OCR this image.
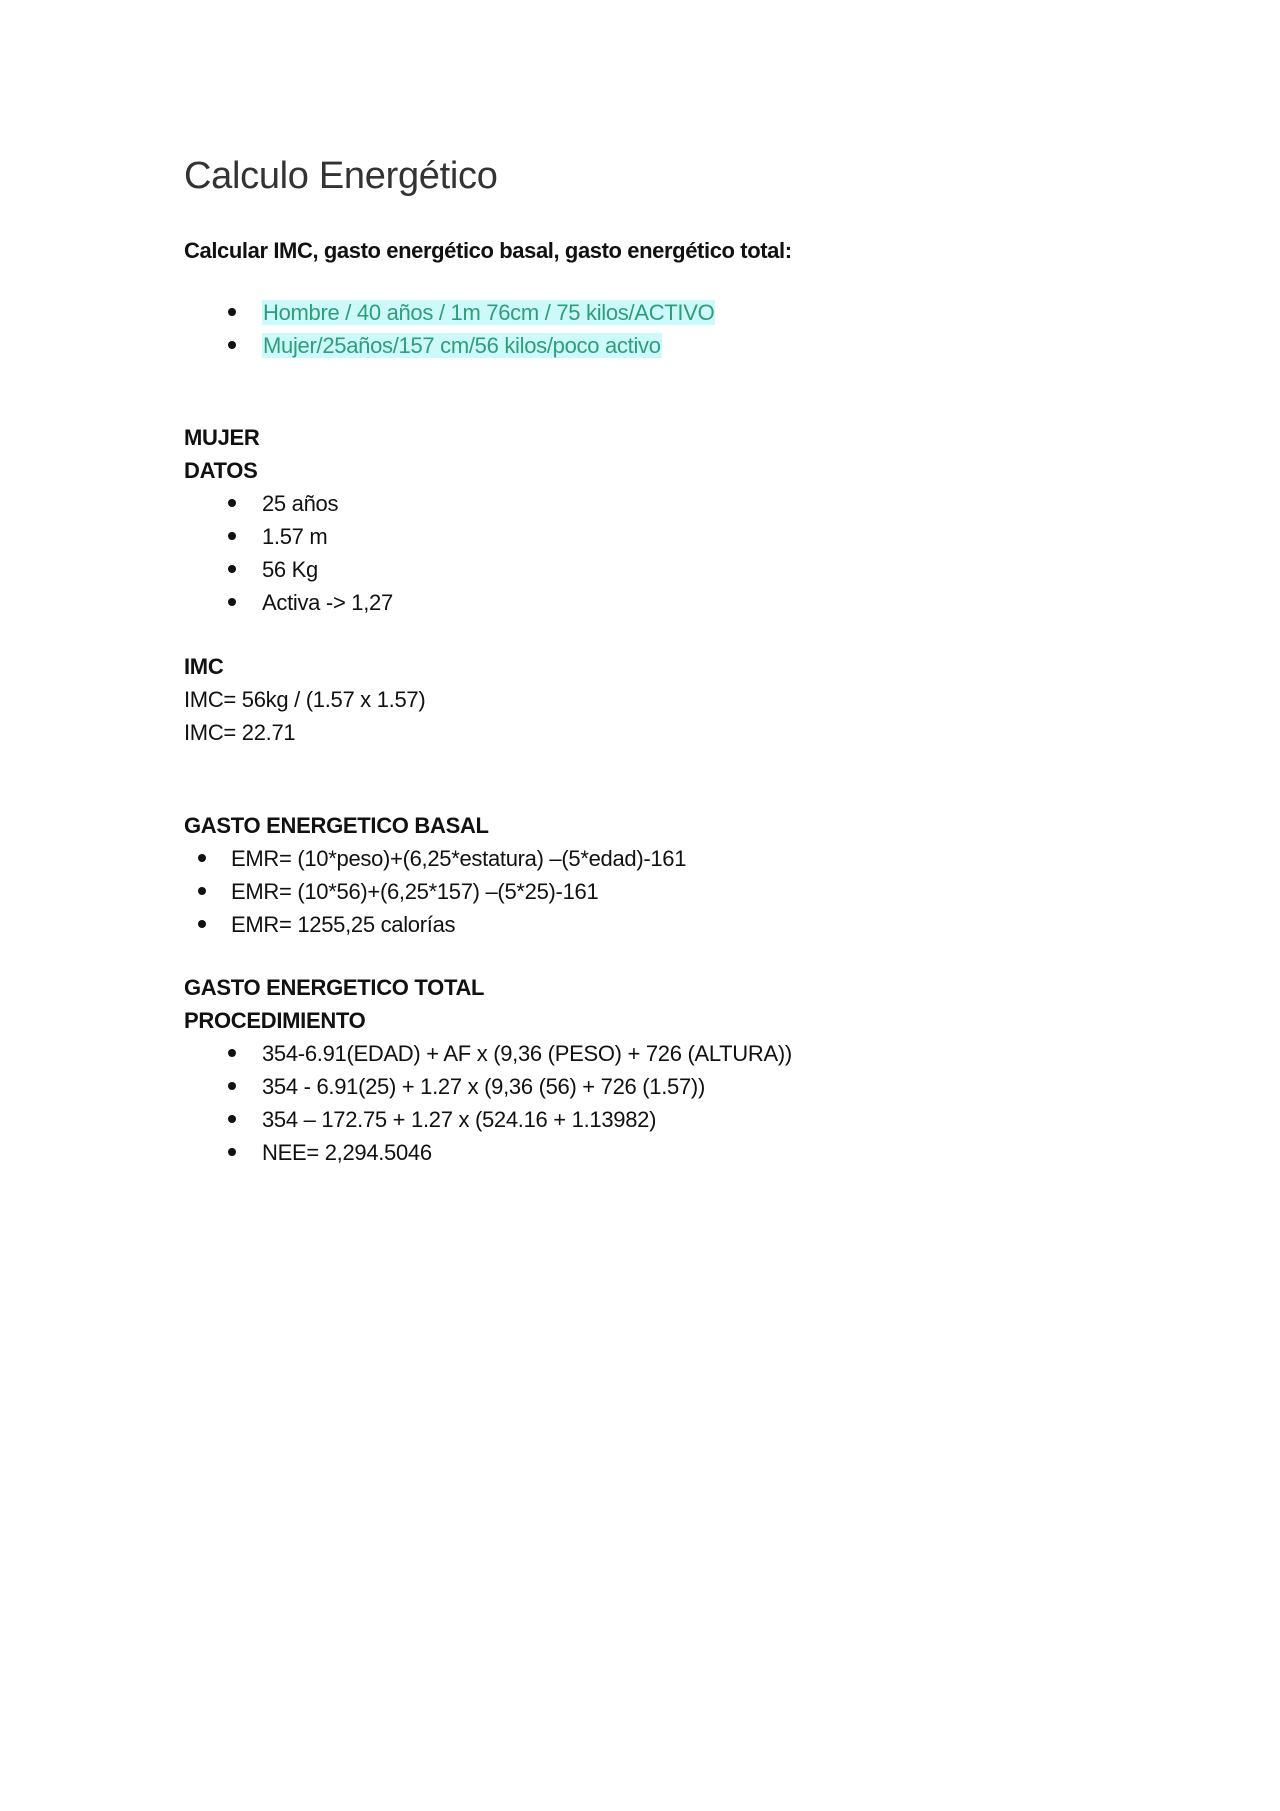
Calculo Energético

Calcular IMC, gasto energético basal, gasto energético total:

Hombre / 40 años / 1m 76cm / 75 kilos/ACTIVO
Mujer/25años/157 cm/56 kilos/poco activo

MUJER

DATOS

25 años
1.57 m
56 Kg
Activa -> 1,27

IMC

IMC= 56kg / (1.57 x 1.57)

IMC= 22.71

GASTO ENERGETICO BASAL

EMR= (10*peso)+(6,25*estatura) –(5*edad)-161
EMR= (10*56)+(6,25*157) –(5*25)-161
EMR= 1255,25 calorías

GASTO ENERGETICO TOTAL

PROCEDIMIENTO

354-6.91(EDAD) + AF x (9,36 (PESO) + 726 (ALTURA))
354 - 6.91(25) + 1.27 x (9,36 (56) + 726 (1.57))
354 – 172.75 + 1.27 x (524.16 + 1.13982)
NEE= 2,294.5046
